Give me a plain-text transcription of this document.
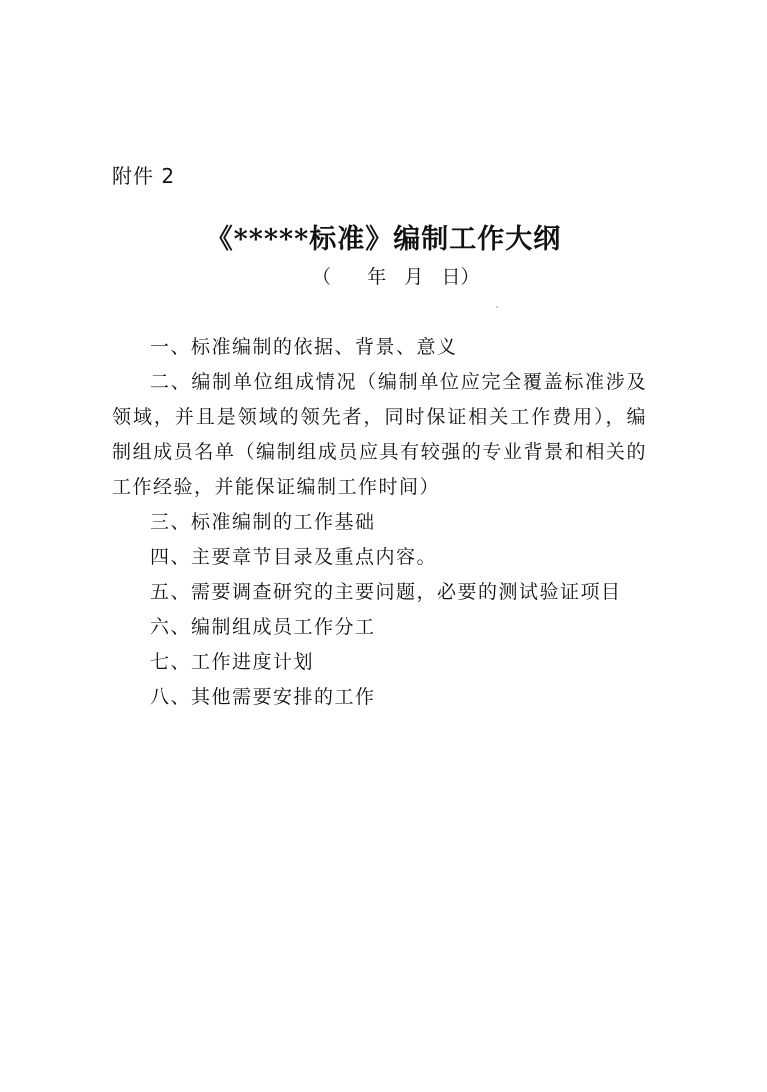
附件 2
《*****标准》编制工作大纲
（      年   月   日）

一、标准编制的依据、背景、意义

二、编制单位组成情况（编制单位应完全覆盖标准涉及领域，并且是领域的领先者，同时保证相关工作费用），编制组成员名单（编制组成员应具有较强的专业背景和相关的工作经验，并能保证编制工作时间）

三、标准编制的工作基础

四、主要章节目录及重点内容。

五、需要调查研究的主要问题，必要的测试验证项目

六、编制组成员工作分工

七、工作进度计划

八、其他需要安排的工作
